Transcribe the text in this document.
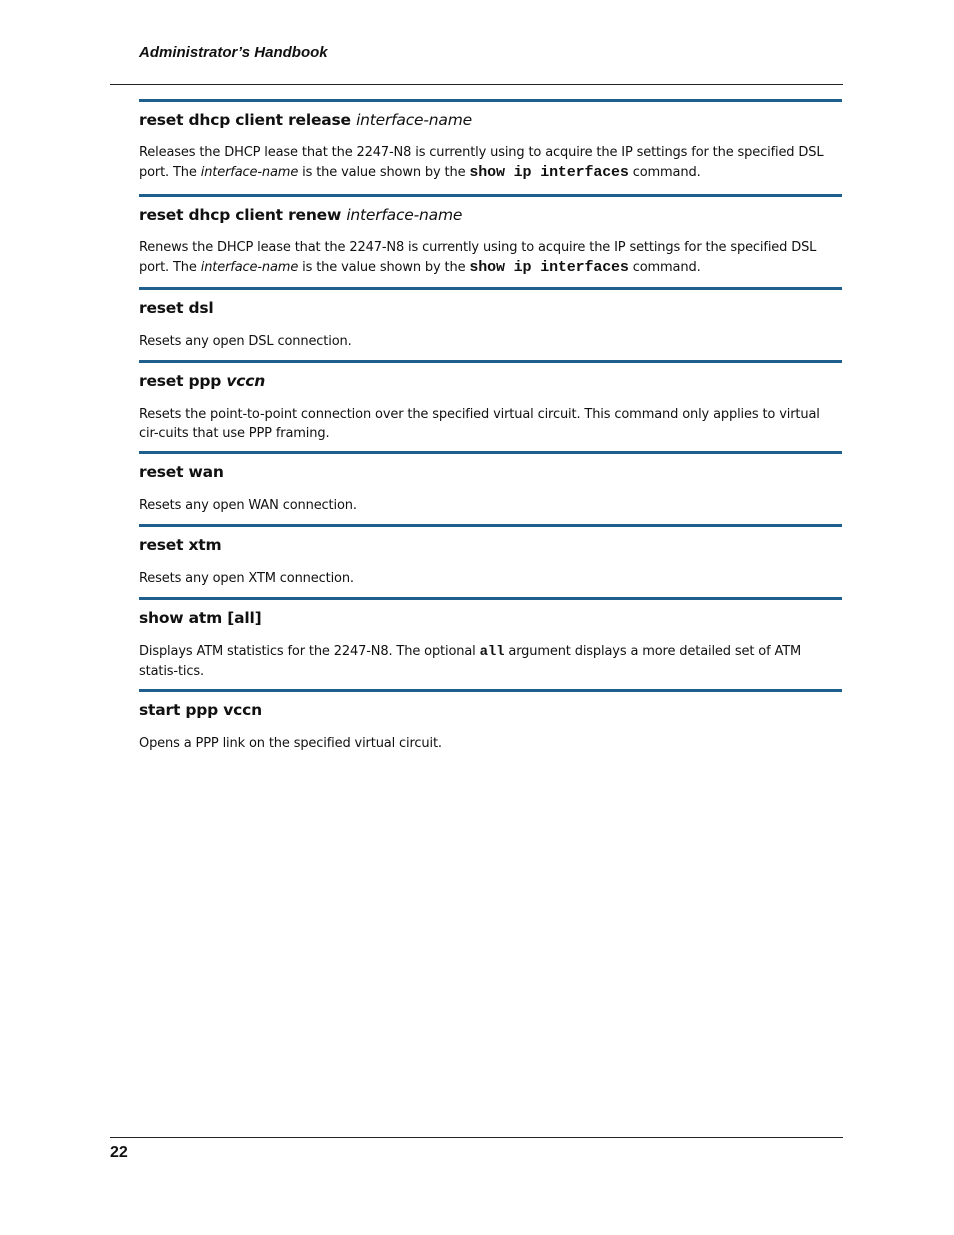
Administrator’s Handbook
reset dhcp client release interface-name
Releases the DHCP lease that the 2247-N8 is currently using to acquire the IP settings for the specified DSL port. The interface-name is the value shown by the show ip interfaces command.
reset dhcp client renew interface-name
Renews the DHCP lease that the 2247-N8 is currently using to acquire the IP settings for the specified DSL port. The interface-name is the value shown by the show ip interfaces command.
reset dsl
Resets any open DSL connection.
reset ppp vccn
Resets the point-to-point connection over the specified virtual circuit. This command only applies to virtual cir-cuits that use PPP framing.
reset wan
Resets any open WAN connection.
reset xtm
Resets any open XTM connection.
show atm [all]
Displays ATM statistics for the 2247-N8. The optional all argument displays a more detailed set of ATM statis-tics.
start ppp vccn
Opens a PPP link on the specified virtual circuit.
22
